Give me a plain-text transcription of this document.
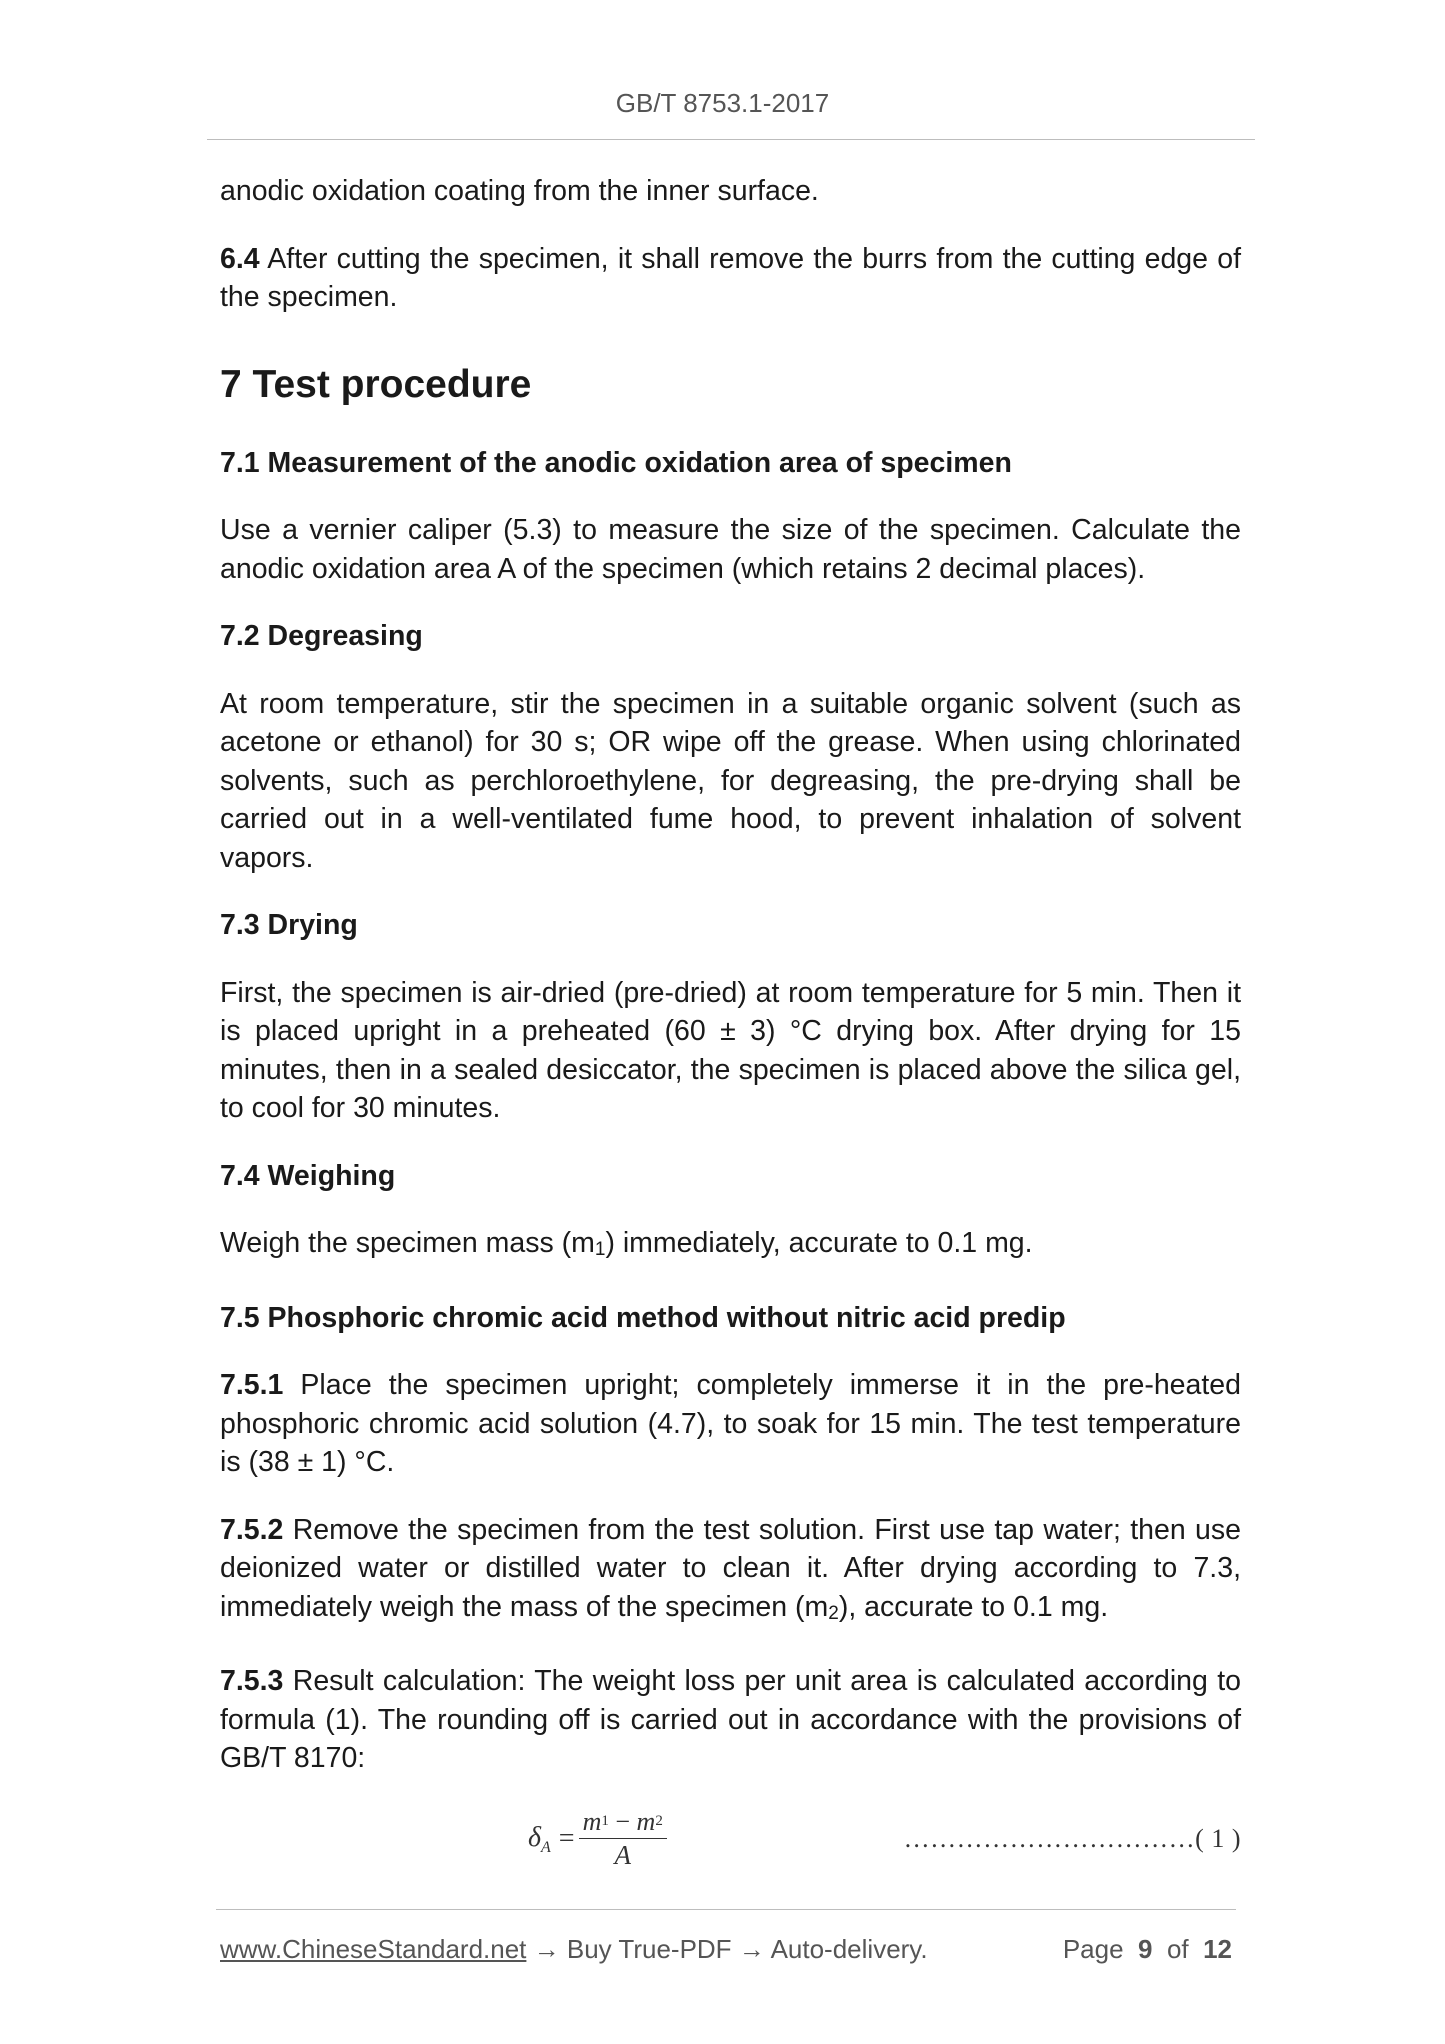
GB/T 8753.1-2017

anodic oxidation coating from the inner surface.

6.4 After cutting the specimen, it shall remove the burrs from the cutting edge of the specimen.

7 Test procedure
7.1 Measurement of the anodic oxidation area of specimen

Use a vernier caliper (5.3) to measure the size of the specimen. Calculate the anodic oxidation area A of the specimen (which retains 2 decimal places).

7.2 Degreasing

At room temperature, stir the specimen in a suitable organic solvent (such as acetone or ethanol) for 30 s; OR wipe off the grease. When using chlorinated solvents, such as perchloroethylene, for degreasing, the pre-drying shall be carried out in a well-ventilated fume hood, to prevent inhalation of solvent vapors.

7.3 Drying

First, the specimen is air-dried (pre-dried) at room temperature for 5 min. Then it is placed upright in a preheated (60 ± 3) °C drying box. After drying for 15 minutes, then in a sealed desiccator, the specimen is placed above the silica gel, to cool for 30 minutes.

7.4 Weighing

Weigh the specimen mass (m1) immediately, accurate to 0.1 mg.

7.5 Phosphoric chromic acid method without nitric acid predip

7.5.1 Place the specimen upright; completely immerse it in the pre-heated phosphoric chromic acid solution (4.7), to soak for 15 min. The test temperature is (38 ± 1) °C.

7.5.2 Remove the specimen from the test solution. First use tap water; then use deionized water or distilled water to clean it. After drying according to 7.3, immediately weigh the mass of the specimen (m2), accurate to 0.1 mg.

7.5.3 Result calculation: The weight loss per unit area is calculated according to formula (1). The rounding off is carried out in accordance with the provisions of GB/T 8170:

$\delta_A = \frac{m1 - m2}{A}$	……………………………( 1 )
www.ChineseStandard.net → Buy True-PDF → Auto-delivery.	Page 9 of 12
